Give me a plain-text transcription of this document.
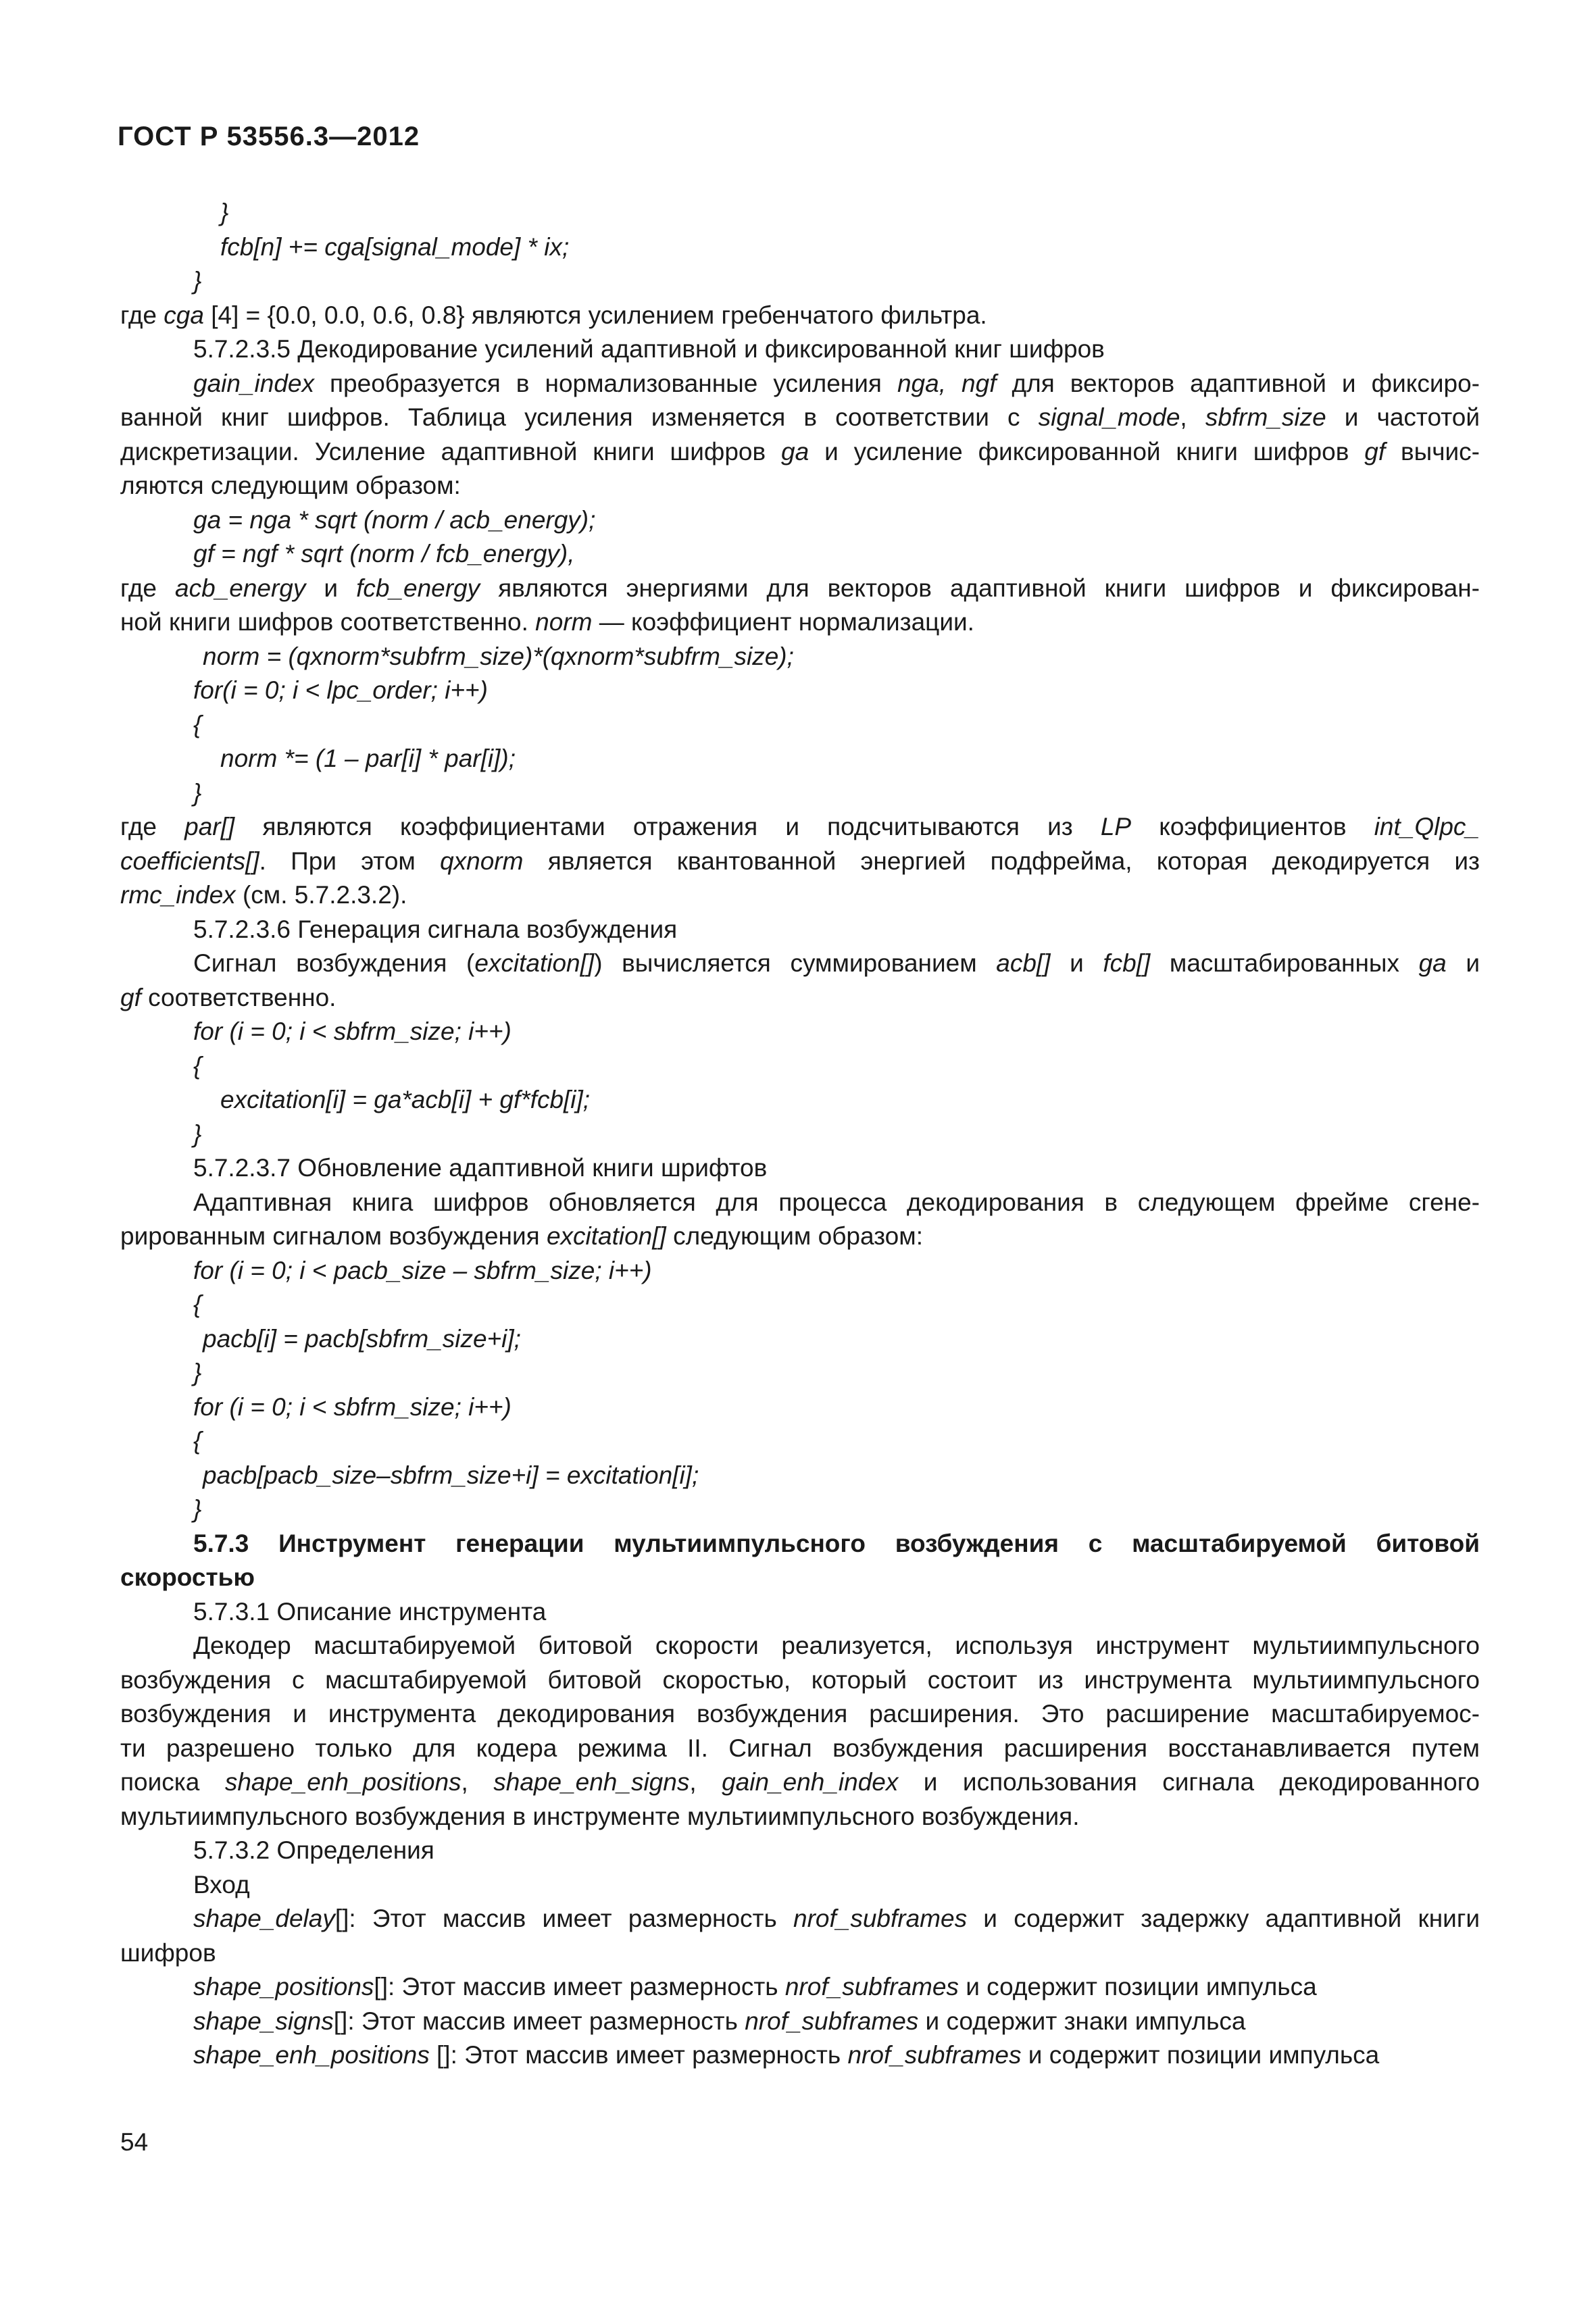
ГОСТ Р 53556.3—2012
}
fcb[n] += cga[signal_mode] * ix;
}
где cga [4] = {0.0, 0.0, 0.6, 0.8} являются усилением гребенчатого фильтра.
5.7.2.3.5 Декодирование усилений адаптивной и фиксированной книг шифров
gain_index преобразуется в нормализованные усиления nga, ngf для векторов адаптивной и фиксиро-
ванной книг шифров. Таблица усиления изменяется в соответствии с signal_mode, sbfrm_size и частотой
дискретизации. Усиление адаптивной книги шифров ga и усиление фиксированной книги шифров gf вычис-
ляются следующим образом:
ga = nga * sqrt (norm / acb_energy);
gf = ngf * sqrt (norm / fcb_energy),
где acb_energy и fcb_energy являются энергиями для векторов адаптивной книги шифров и фиксирован-
ной книги шифров соответственно. norm — коэффициент нормализации.
norm = (qxnorm*subfrm_size)*(qxnorm*subfrm_size);
for(i = 0; i < lpc_order; i++)
{
norm *= (1 – par[i] * par[i]);
}
где par[] являются коэффициентами отражения и подсчитываются из LP коэффициентов int_Qlpc_
coefficients[]. При этом qxnorm является квантованной энергией подфрейма, которая декодируется из
rmc_index (см. 5.7.2.3.2).
5.7.2.3.6 Генерация сигнала возбуждения
Сигнал возбуждения (excitation[]) вычисляется суммированием acb[] и fcb[] масштабированных ga и
gf соответственно.
for (i = 0; i < sbfrm_size; i++)
{
excitation[i] = ga*acb[i] + gf*fcb[i];
}
5.7.2.3.7 Обновление адаптивной книги шрифтов
Адаптивная книга шифров обновляется для процесса декодирования в следующем фрейме сгене-
рированным сигналом возбуждения excitation[] следующим образом:
for (i = 0; i < pacb_size – sbfrm_size; i++)
{
pacb[i] = pacb[sbfrm_size+i];
}
for (i = 0; i < sbfrm_size; i++)
{
pacb[pacb_size–sbfrm_size+i] = excitation[i];
}
5.7.3 Инструмент генерации мультиимпульсного возбуждения с масштабируемой битовой
скоростью
5.7.3.1 Описание инструмента
Декодер масштабируемой битовой скорости реализуется, используя инструмент мультиимпульсного
возбуждения с масштабируемой битовой скоростью, который состоит из инструмента мультиимпульсного
возбуждения и инструмента декодирования возбуждения расширения. Это расширение масштабируемос-
ти разрешено только для кодера режима II. Сигнал возбуждения расширения восстанавливается путем
поиска shape_enh_positions, shape_enh_signs, gain_enh_index и использования сигнала декодированного
мультиимпульсного возбуждения в инструменте мультиимпульсного возбуждения.
5.7.3.2 Определения
Вход
shape_delay[]: Этот массив имеет размерность nrof_subframes и содержит задержку адаптивной книги
шифров
shape_positions[]: Этот массив имеет размерность nrof_subframes и содержит позиции импульса
shape_signs[]: Этот массив имеет размерность nrof_subframes и содержит знаки импульса
shape_enh_positions []: Этот массив имеет размерность nrof_subframes и содержит позиции импульса
54
